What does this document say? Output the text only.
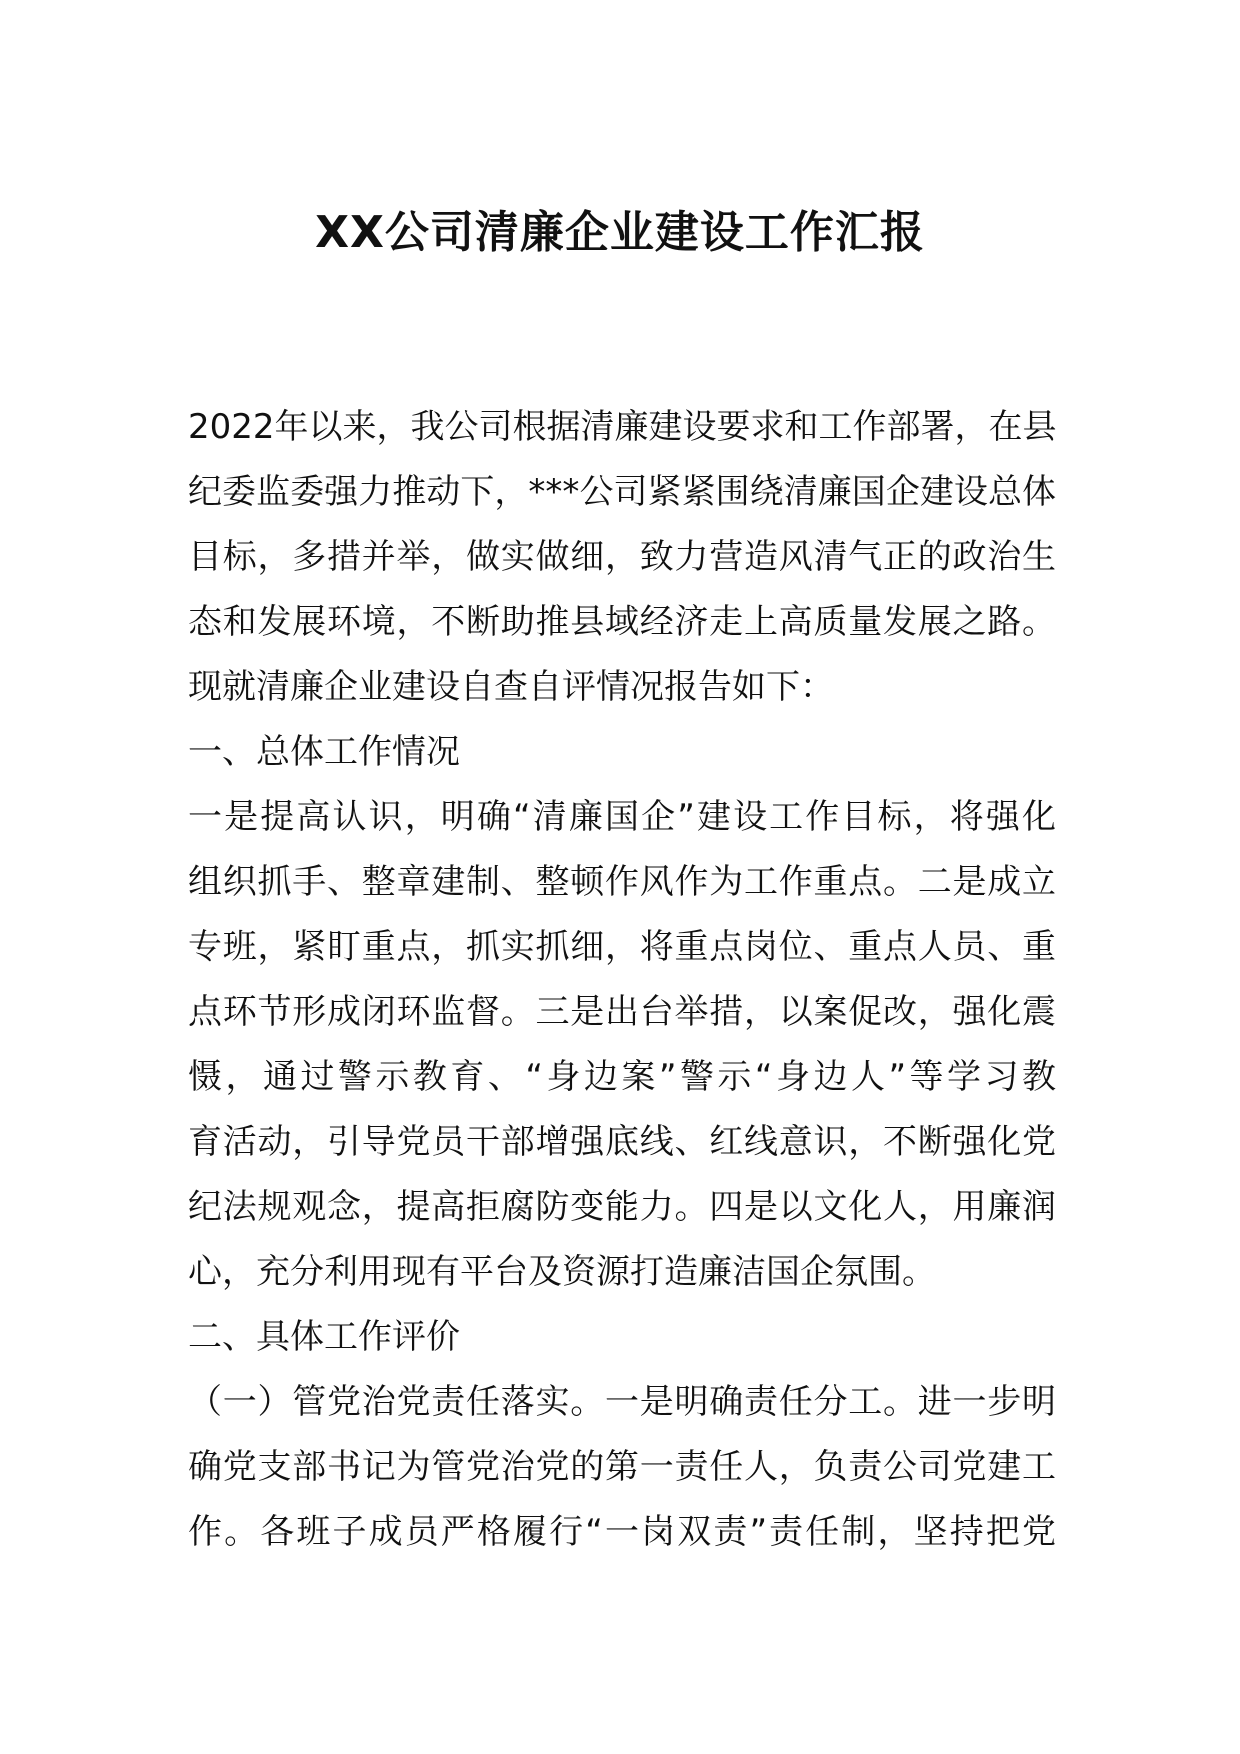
XX公司清廉企业建设工作汇报
2022年以来，我公司根据清廉建设要求和工作部署，在县
纪委监委强力推动下，***公司紧紧围绕清廉国企建设总体
目标，多措并举，做实做细，致力营造风清气正的政治生
态和发展环境，不断助推县域经济走上高质量发展之路。
现就清廉企业建设自查自评情况报告如下：
一、总体工作情况
一是提高认识，明确“清廉国企”建设工作目标，将强化
组织抓手、整章建制、整顿作风作为工作重点。二是成立
专班，紧盯重点，抓实抓细，将重点岗位、重点人员、重
点环节形成闭环监督。三是出台举措，以案促改，强化震
慑，通过警示教育、“身边案”警示“身边人”等学习教
育活动，引导党员干部增强底线、红线意识，不断强化党
纪法规观念，提高拒腐防变能力。四是以文化人，用廉润
心，充分利用现有平台及资源打造廉洁国企氛围。
二、具体工作评价
（一）管党治党责任落实。一是明确责任分工。进一步明
确党支部书记为管党治党的第一责任人，负责公司党建工
作。各班子成员严格履行“一岗双责”责任制，坚持把党
